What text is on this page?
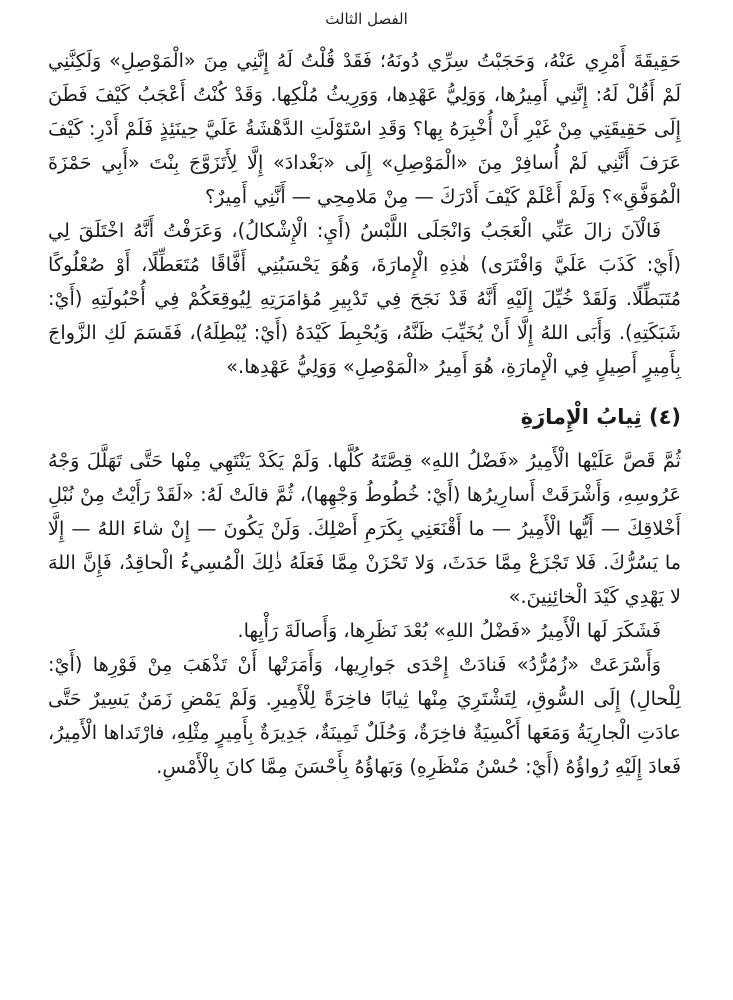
الفصل الثالث

حَقِيقَةَ أَمْرِي عَنْهُ، وَحَجَبْتُ سِرِّي دُونَهُ؛ فَقَدْ قُلْتُ لَهُ إِنَّنِي مِنَ «الْمَوْصِلِ» وَلَكِنَّنِي لَمْ أَقُلْ لَهُ: إِنَّنِي أَمِيرُها، وَوَلِيُّ عَهْدِها، وَوَرِيثُ مُلْكِها. وَقَدْ كُنْتُ أَعْجَبُ كَيْفَ فَطَنَ إِلَى حَقِيقَتِي مِنْ غَيْرِ أَنْ أُخْبِرَهُ بِها؟ وَقَدِ اسْتَوْلَتِ الدَّهْشَةُ عَلَيَّ حِينَئِذٍ فَلَمْ أَدْرِ: كَيْفَ عَرَفَ أَنَّنِي لَمْ أُسافِرْ مِنَ «الْمَوْصِلِ» إِلَى «بَغْدادَ» إِلَّا لِأَتَزَوَّجَ بِنْتَ «أَبِي حَمْزَةَ الْمُوَفَّقِ»؟ وَلَمْ أَعْلَمْ كَيْفَ أَدْرَكَ — مِنْ مَلامِحِي — أَنَّنِي أَمِيرٌ؟

فَالْآنَ زالَ عَنِّي الْعَجَبُ وَانْجَلَى اللَّبْسُ (أَيِ: الْإِشْكالُ)، وَعَرَفْتُ أَنَّهُ اخْتَلَقَ لِي (أَيْ: كَذَبَ عَلَيَّ وَافْتَرَى) هٰذِهِ الْإِمارَةَ، وَهُوَ يَحْسَبُنِي أَفَّاقًا مُتَعَطِّلًا، أَوْ صُعْلُوكًا مُتَبَطِّلًا. وَلَقَدْ خُيِّلَ إِلَيْهِ أَنَّهُ قَدْ نَجَحَ فِي تَدْبِيرِ مُؤامَرَتِهِ لِيُوقِعَكُمْ فِي أُحْبُولَتِهِ (أَيْ: شَبَكَتِهِ). وَأَبَى اللهُ إِلَّا أَنْ يُخَيِّبَ ظَنَّهُ، وَيُحْبِطَ كَيْدَهُ (أَيْ: يُبْطِلَهُ)، فَقَسَمَ لَكِ الزَّواجَ بِأَمِيرٍ أَصِيلٍ فِي الْإِمارَةِ، هُوَ أَمِيرُ «الْمَوْصِلِ» وَوَلِيُّ عَهْدِها.»

(٤) ثِيابُ الْإِمارَةِ

ثُمَّ قَصَّ عَلَيْها الْأَمِيرُ «فَضْلُ اللهِ» قِصَّتَهُ كُلَّها. وَلَمْ يَكَدْ يَنْتَهِي مِنْها حَتَّى تَهَلَّلَ وَجْهُ عَرُوسِهِ، وَأَشْرَقَتْ أَسارِيرُها (أَيْ: خُطُوطُ وَجْهِها)، ثُمَّ قالَتْ لَهُ: «لَقَدْ رَأَيْتُ مِنْ نُبْلِ أَخْلاقِكَ — أَيُّها الْأَمِيرُ — ما أَقْنَعَنِي بِكَرَمِ أَصْلِكَ. وَلَنْ يَكُونَ — إِنْ شاءَ اللهُ — إِلَّا ما يَسُرُّكَ. فَلا تَجْزَعْ مِمَّا حَدَثَ، وَلا تَحْزَنْ مِمَّا فَعَلَهُ ذٰلِكَ الْمُسِيءُ الْحاقِدُ، فَإِنَّ اللهَ لا يَهْدِي كَيْدَ الْخائِنِينَ.»

فَشَكَرَ لَها الْأَمِيرُ «فَضْلُ اللهِ» بُعْدَ نَظَرِها، وَأَصالَةَ رَأْيِها.

وَأَسْرَعَتْ «زُمُرُّدُ» فَنادَتْ إِحْدَى جَوارِيها، وَأَمَرَتْها أَنْ تَذْهَبَ مِنْ فَوْرِها (أَيْ: لِلْحالِ) إِلَى السُّوقِ، لِتَشْتَرِيَ مِنْها ثِيابًا فاخِرَةً لِلْأَمِيرِ. وَلَمْ يَمْضِ زَمَنٌ يَسِيرٌ حَتَّى عادَتِ الْجارِيَةُ وَمَعَها أَكْسِيَةٌ فاخِرَةٌ، وَحُلَلٌ ثَمِينَةٌ، جَدِيرَةٌ بِأَمِيرٍ مِثْلِهِ، فارْتَداها الْأَمِيرُ، فَعادَ إِلَيْهِ رُواؤُهُ (أَيْ: حُسْنُ مَنْظَرِهِ) وَبَهاؤُهُ بِأَحْسَنَ مِمَّا كانَ بِالْأَمْسِ.
